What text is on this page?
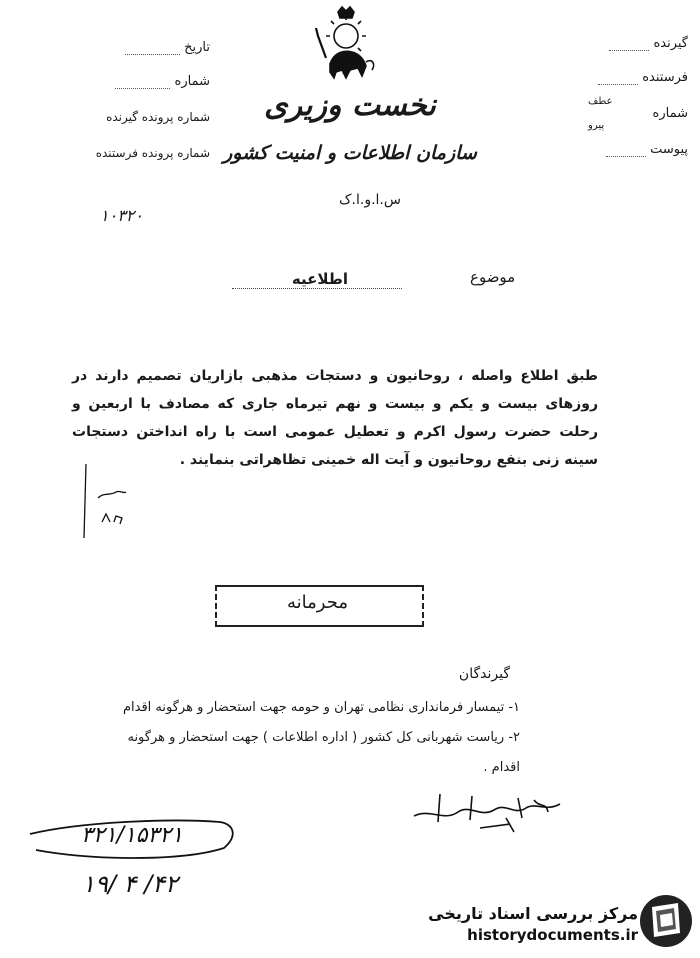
گیرنده
فرستنده
شماره
عطف
پیرو
پیوست
تاریخ
شماره
شماره پرونده گیرنده
شماره پرونده فرستنده
۱۰۳۲۰
نخست وزیری
سازمان اطلاعات و امنیت کشور
س.ا.و.ا.ک
موضوع
اطلاعیه
طبق اطلاع واصله ، روحانیون و دستجات مذهبی بازاریان تصمیم دارند در روزهای بیست و یکم و بیست و نهم تیرماه جاری که مصادف با اربعین و رحلت حضرت رسول اکرم و تعطیل عمومی است با راه انداختن دستجات سینه زنی بنفع روحانیون و آیت اله خمینی تظاهراتی بنمایند .
محرمانه
گیرندگان
۱- تیمسار فرمانداری نظامی تهران و حومه جهت استحضار و هرگونه اقدام
۲- ریاست شهربانی کل کشور ( اداره اطلاعات ) جهت استحضار و هرگونه
اقدام .
۳۲۱/۱۵۳۲۱
۱۹/ ۴ /۴۲
مرکز بررسی اسناد تاریخی
historydocuments.ir
